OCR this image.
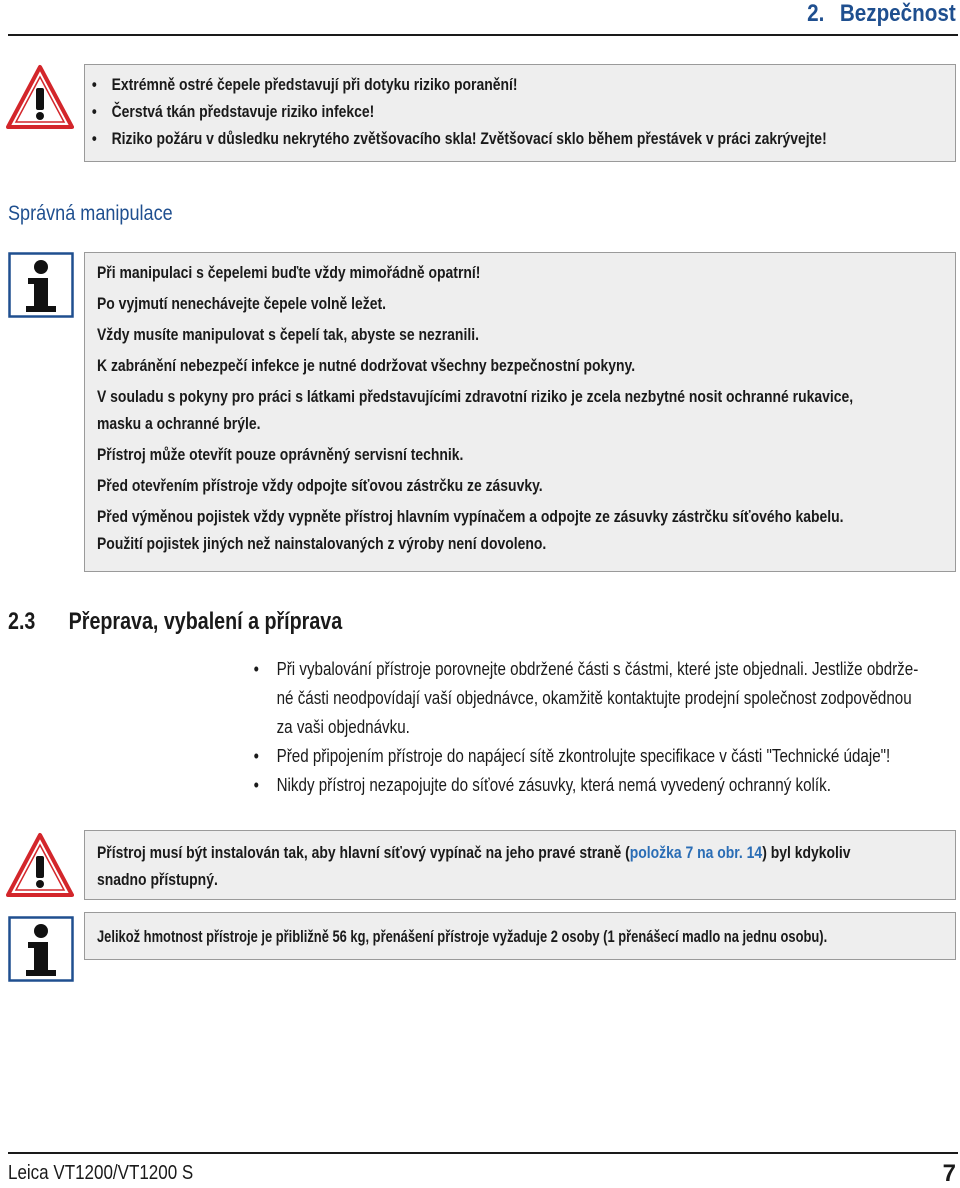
2. Bezpečnost
• Extrémně ostré čepele představují při dotyku riziko poranění!
• Čerstvá tkán představuje riziko infekce!
• Riziko požáru v důsledku nekrytého zvětšovacího skla! Zvětšovací sklo během přestávek v práci zakrývejte!
Správná manipulace

Při manipulaci s čepelemi buďte vždy mimořádně opatrní!

Po vyjmutí nenechávejte čepele volně ležet.

Vždy musíte manipulovat s čepelí tak, abyste se nezranili.

K zabránění nebezpečí infekce je nutné dodržovat všechny bezpečnostní pokyny.

V souladu s pokyny pro práci s látkami představujícími zdravotní riziko je zcela nezbytné nosit ochranné rukavice,

masku a ochranné brýle.

Přístroj může otevřít pouze oprávněný servisní technik.

Před otevřením přístroje vždy odpojte síťovou zástrčku ze zásuvky.

Před výměnou pojistek vždy vypněte přístroj hlavním vypínačem a odpojte ze zásuvky zástrčku síťového kabelu.

Použití pojistek jiných než nainstalovaných z výroby není dovoleno.

2.3 Přeprava, vybalení a příprava
• Při vybalování přístroje porovnejte obdržené části s částmi, které jste objednali. Jestliže obdrže-
né části neodpovídají vaší objednávce, okamžitě kontaktujte prodejní společnost zodpovědnou
za vaši objednávku.
• Před připojením přístroje do napájecí sítě zkontrolujte specifikace v části "Technické údaje"!
• Nikdy přístroj nezapojujte do síťové zásuvky, která nemá vyvedený ochranný kolík.

Přístroj musí být instalován tak, aby hlavní síťový vypínač na jeho pravé straně (položka 7 na obr. 14) byl kdykoliv

snadno přístupný.

Jelikož hmotnost přístroje je přibližně 56 kg, přenášení přístroje vyžaduje 2 osoby (1 přenášecí madlo na jednu osobu).

Leica VT1200/VT1200 S	7
